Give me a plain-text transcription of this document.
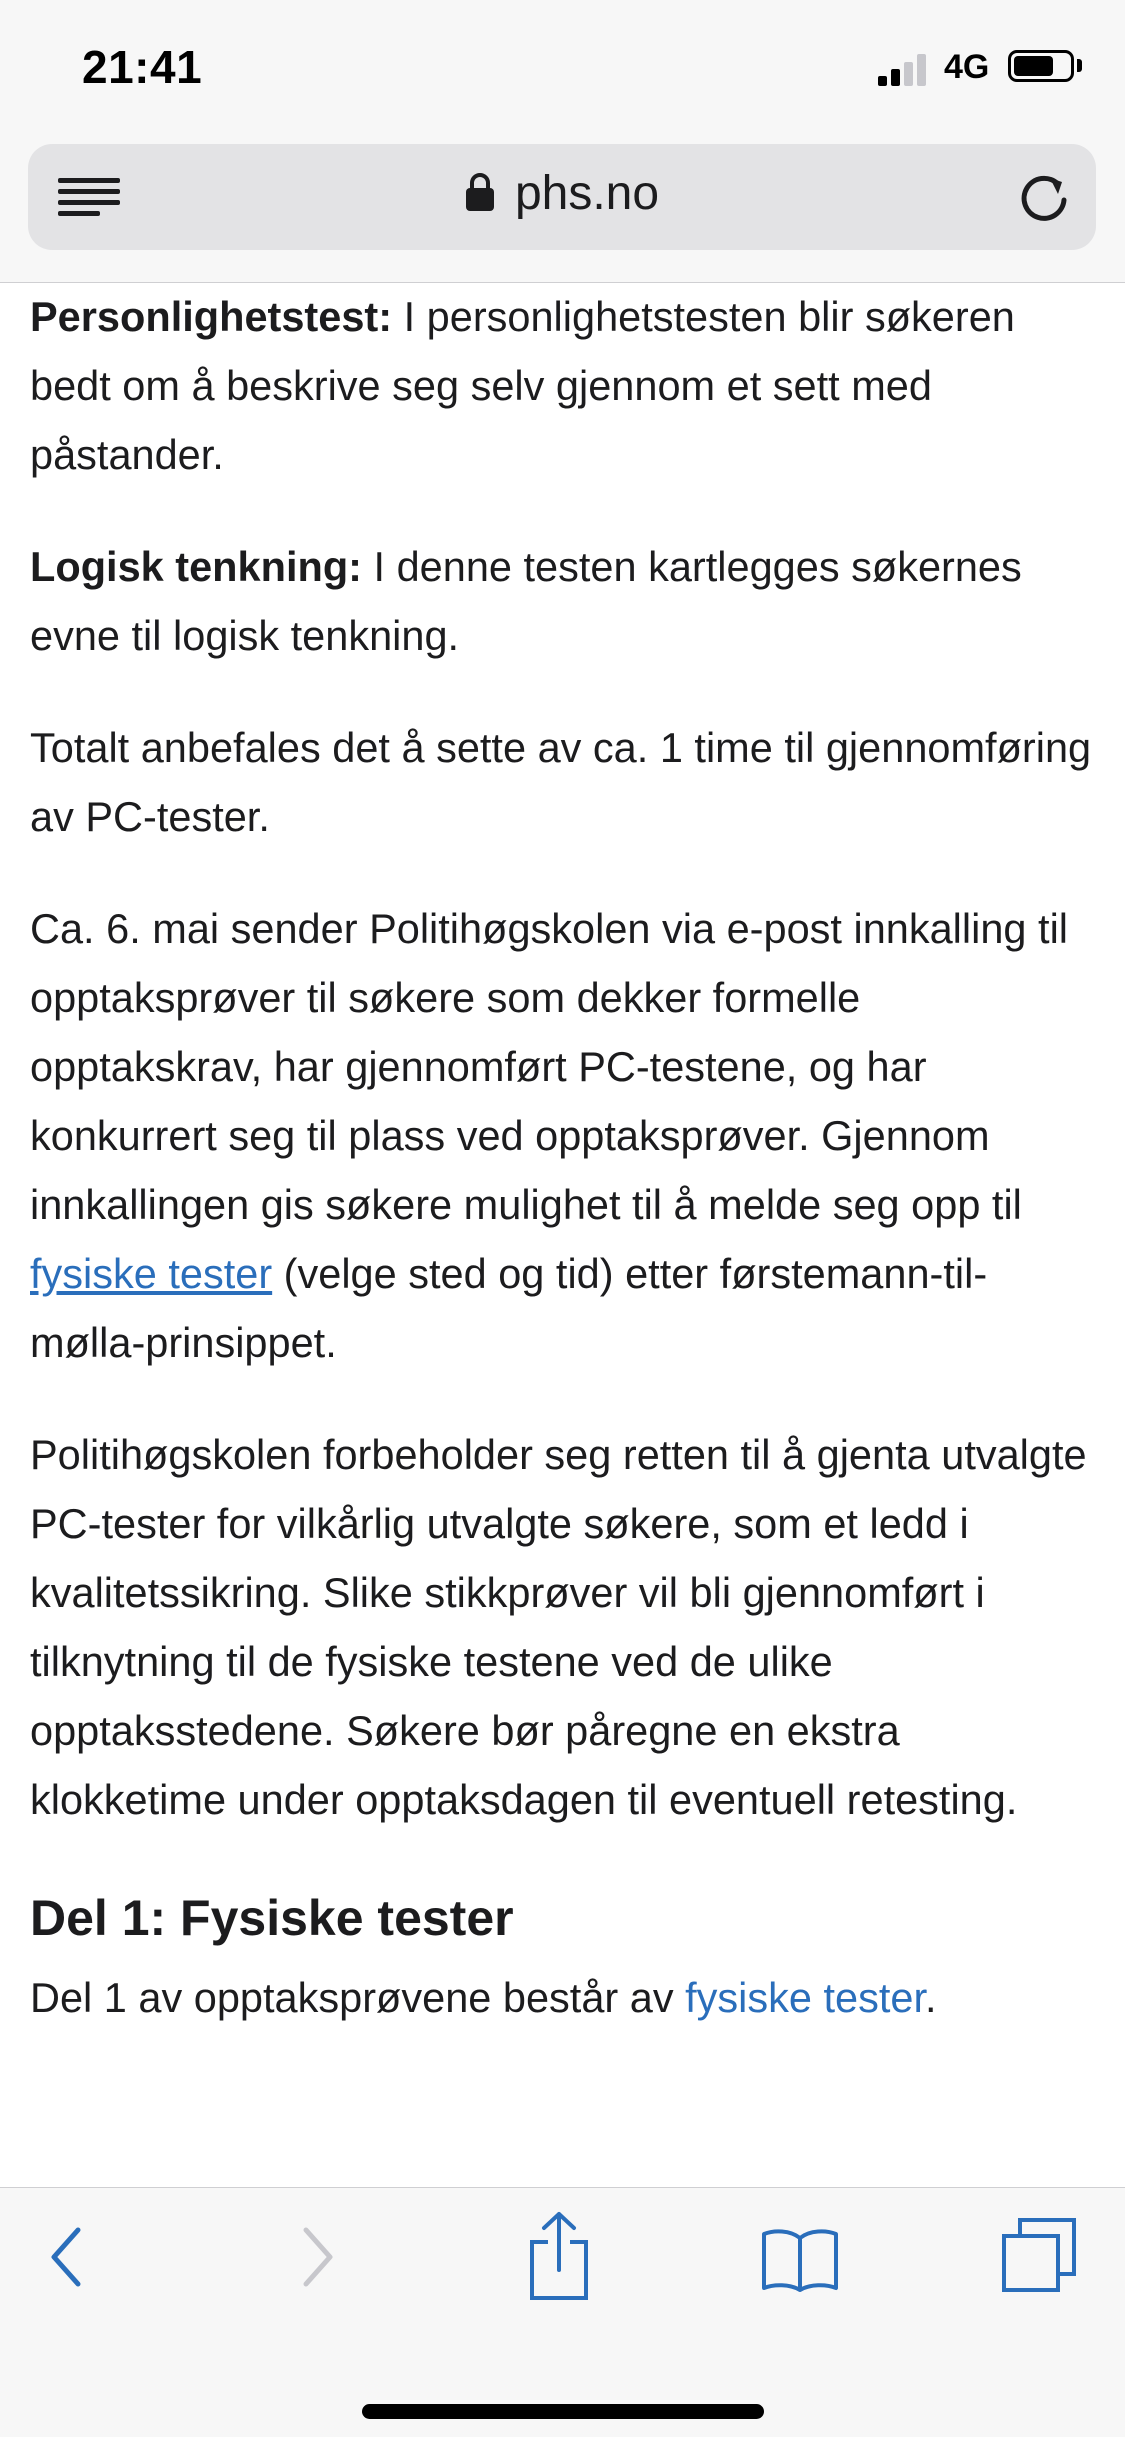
21:41	4G
phs.no

Personlighetstest: I personlighetstesten blir søkeren bedt om å beskrive seg selv gjennom et sett med påstander.

Logisk tenkning: I denne testen kartlegges søkernes evne til logisk tenkning.

Totalt anbefales det å sette av ca. 1 time til gjennomføring av PC-tester.

Ca. 6. mai sender Politihøgskolen via e-post innkalling til opptaksprøver til søkere som dekker formelle opptakskrav, har gjennomført PC-testene, og har konkurrert seg til plass ved opptaksprøver. Gjennom innkallingen gis søkere mulighet til å melde seg opp til fysiske tester (velge sted og tid) etter førstemann-til-mølla-prinsippet.

Politihøgskolen forbeholder seg retten til å gjenta utvalgte PC-tester for vilkårlig utvalgte søkere, som et ledd i kvalitetssikring. Slike stikkprøver vil bli gjennomført i tilknytning til de fysiske testene ved de ulike opptaksstedene. Søkere bør påregne en ekstra klokketime under opptaksdagen til eventuell retesting.

Del 1: Fysiske tester

Del 1 av opptaksprøvene består av fysiske tester.
